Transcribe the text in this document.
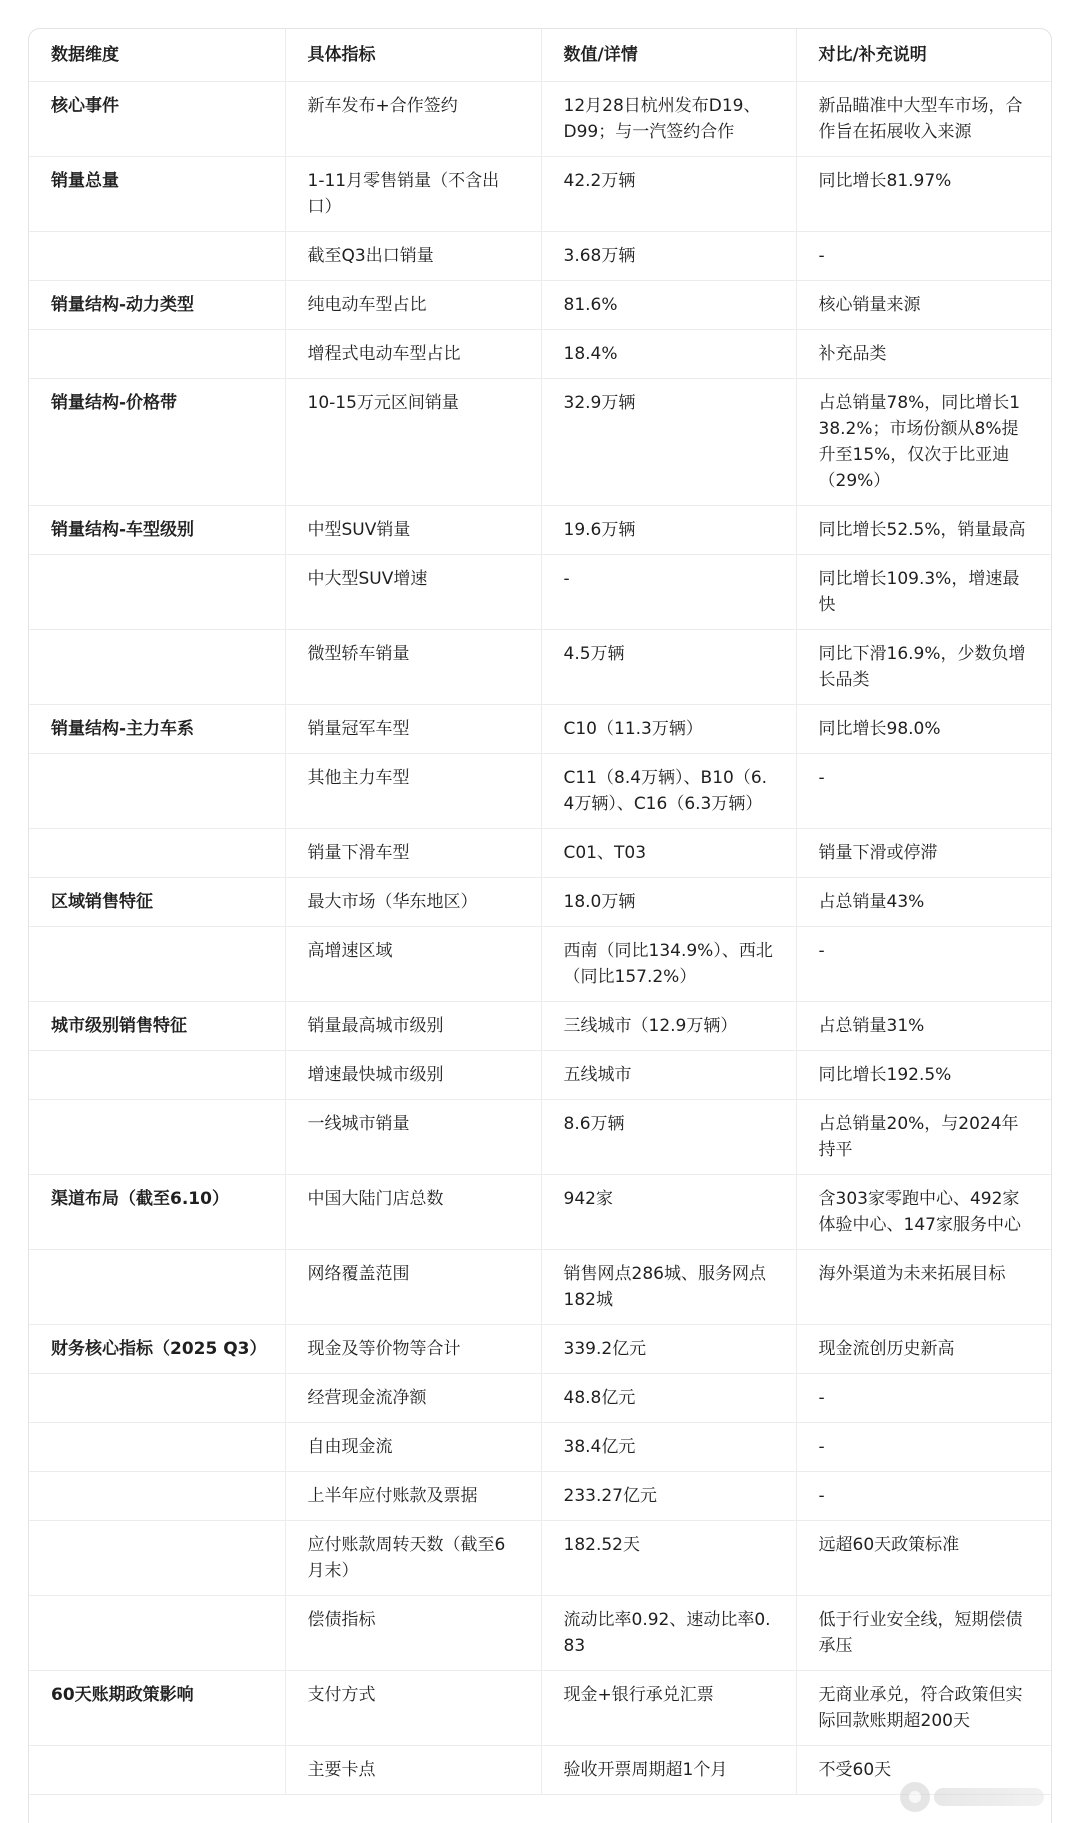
数据维度	具体指标	数值/详情	对比/补充说明
核心事件	新车发布+合作签约	12月28日杭州发布D19、D99；与一汽签约合作	新品瞄准中大型车市场，合作旨在拓展收入来源
销量总量	1-11月零售销量（不含出口）	42.2万辆	同比增长81.97%
	截至Q3出口销量	3.68万辆	-
销量结构-动力类型	纯电动车型占比	81.6%	核心销量来源
	增程式电动车型占比	18.4%	补充品类
销量结构-价格带	10-15万元区间销量	32.9万辆	占总销量78%，同比增长138.2%；市场份额从8%提升至15%，仅次于比亚迪（29%）
销量结构-车型级别	中型SUV销量	19.6万辆	同比增长52.5%，销量最高
	中大型SUV增速	-	同比增长109.3%，增速最快
	微型轿车销量	4.5万辆	同比下滑16.9%，少数负增长品类
销量结构-主力车系	销量冠军车型	C10（11.3万辆）	同比增长98.0%
	其他主力车型	C11（8.4万辆）、B10（6.4万辆）、C16（6.3万辆）	-
	销量下滑车型	C01、T03	销量下滑或停滞
区域销售特征	最大市场（华东地区）	18.0万辆	占总销量43%
	高增速区域	西南（同比134.9%）、西北（同比157.2%）	-
城市级别销售特征	销量最高城市级别	三线城市（12.9万辆）	占总销量31%
	增速最快城市级别	五线城市	同比增长192.5%
	一线城市销量	8.6万辆	占总销量20%，与2024年持平
渠道布局（截至6.10）	中国大陆门店总数	942家	含303家零跑中心、492家体验中心、147家服务中心
	网络覆盖范围	销售网点286城、服务网点182城	海外渠道为未来拓展目标
财务核心指标（2025 Q3）	现金及等价物等合计	339.2亿元	现金流创历史新高
	经营现金流净额	48.8亿元	-
	自由现金流	38.4亿元	-
	上半年应付账款及票据	233.27亿元	-
	应付账款周转天数（截至6月末）	182.52天	远超60天政策标准
	偿债指标	流动比率0.92、速动比率0.83	低于行业安全线，短期偿债承压
60天账期政策影响	支付方式	现金+银行承兑汇票	无商业承兑，符合政策但实际回款账期超200天
	主要卡点	验收开票周期超1个月	不受60天
